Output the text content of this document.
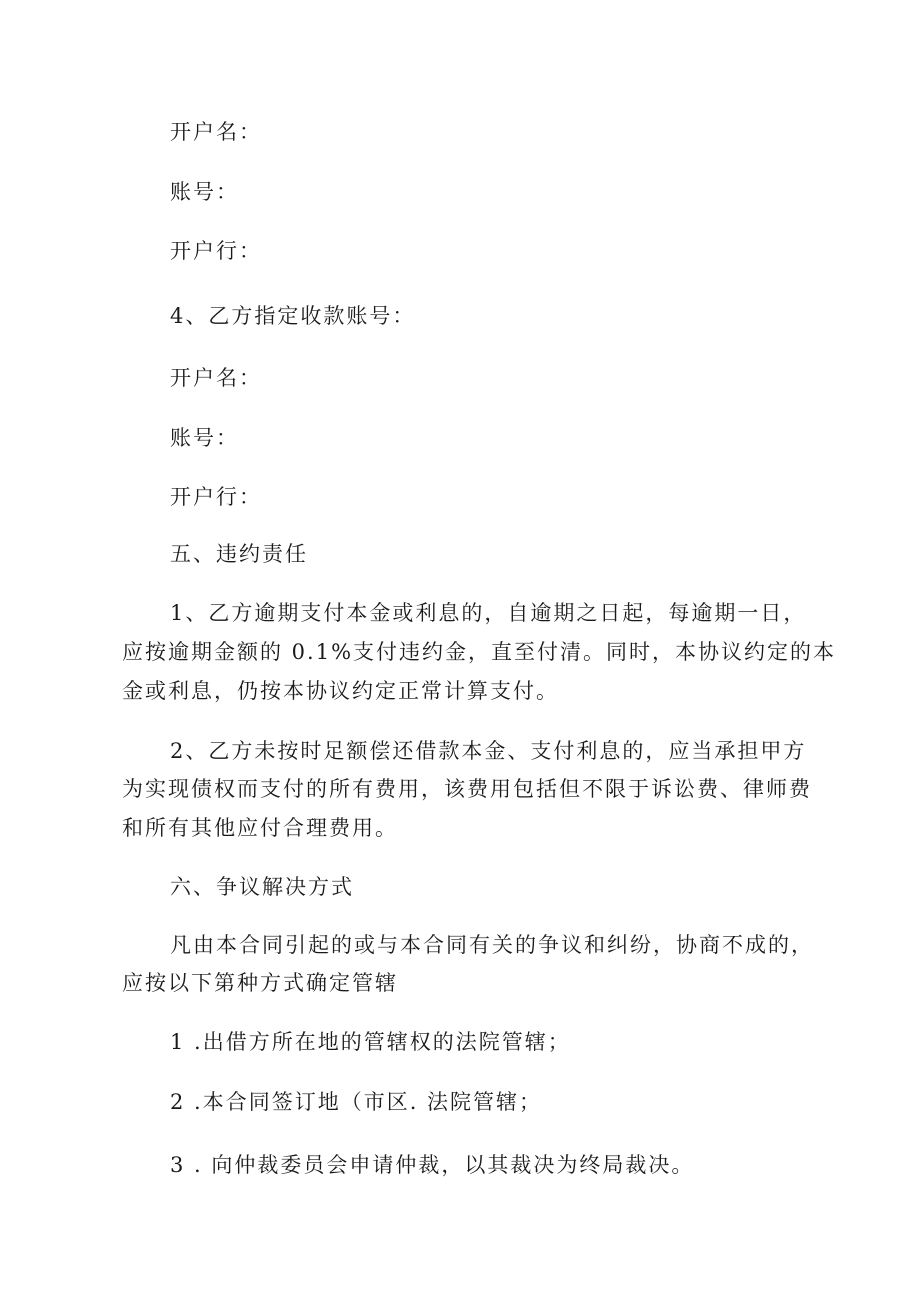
开户名：
账号：
开户行：
4、乙方指定收款账号：
开户名：
账号：
开户行：
五、违约责任
1、乙方逾期支付本金或利息的，自逾期之日起，每逾期一日，
应按逾期金额的 0.1%支付违约金，直至付清。同时，本协议约定的本
金或利息，仍按本协议约定正常计算支付。
2、乙方未按时足额偿还借款本金、支付利息的，应当承担甲方
为实现债权而支付的所有费用，该费用包括但不限于诉讼费、律师费
和所有其他应付合理费用。
六、争议解决方式
凡由本合同引起的或与本合同有关的争议和纠纷，协商不成的，
应按以下第种方式确定管辖
1 .出借方所在地的管辖权的法院管辖；
2 .本合同签订地（市区. 法院管辖；
3 . 向仲裁委员会申请仲裁，以其裁决为终局裁决。
